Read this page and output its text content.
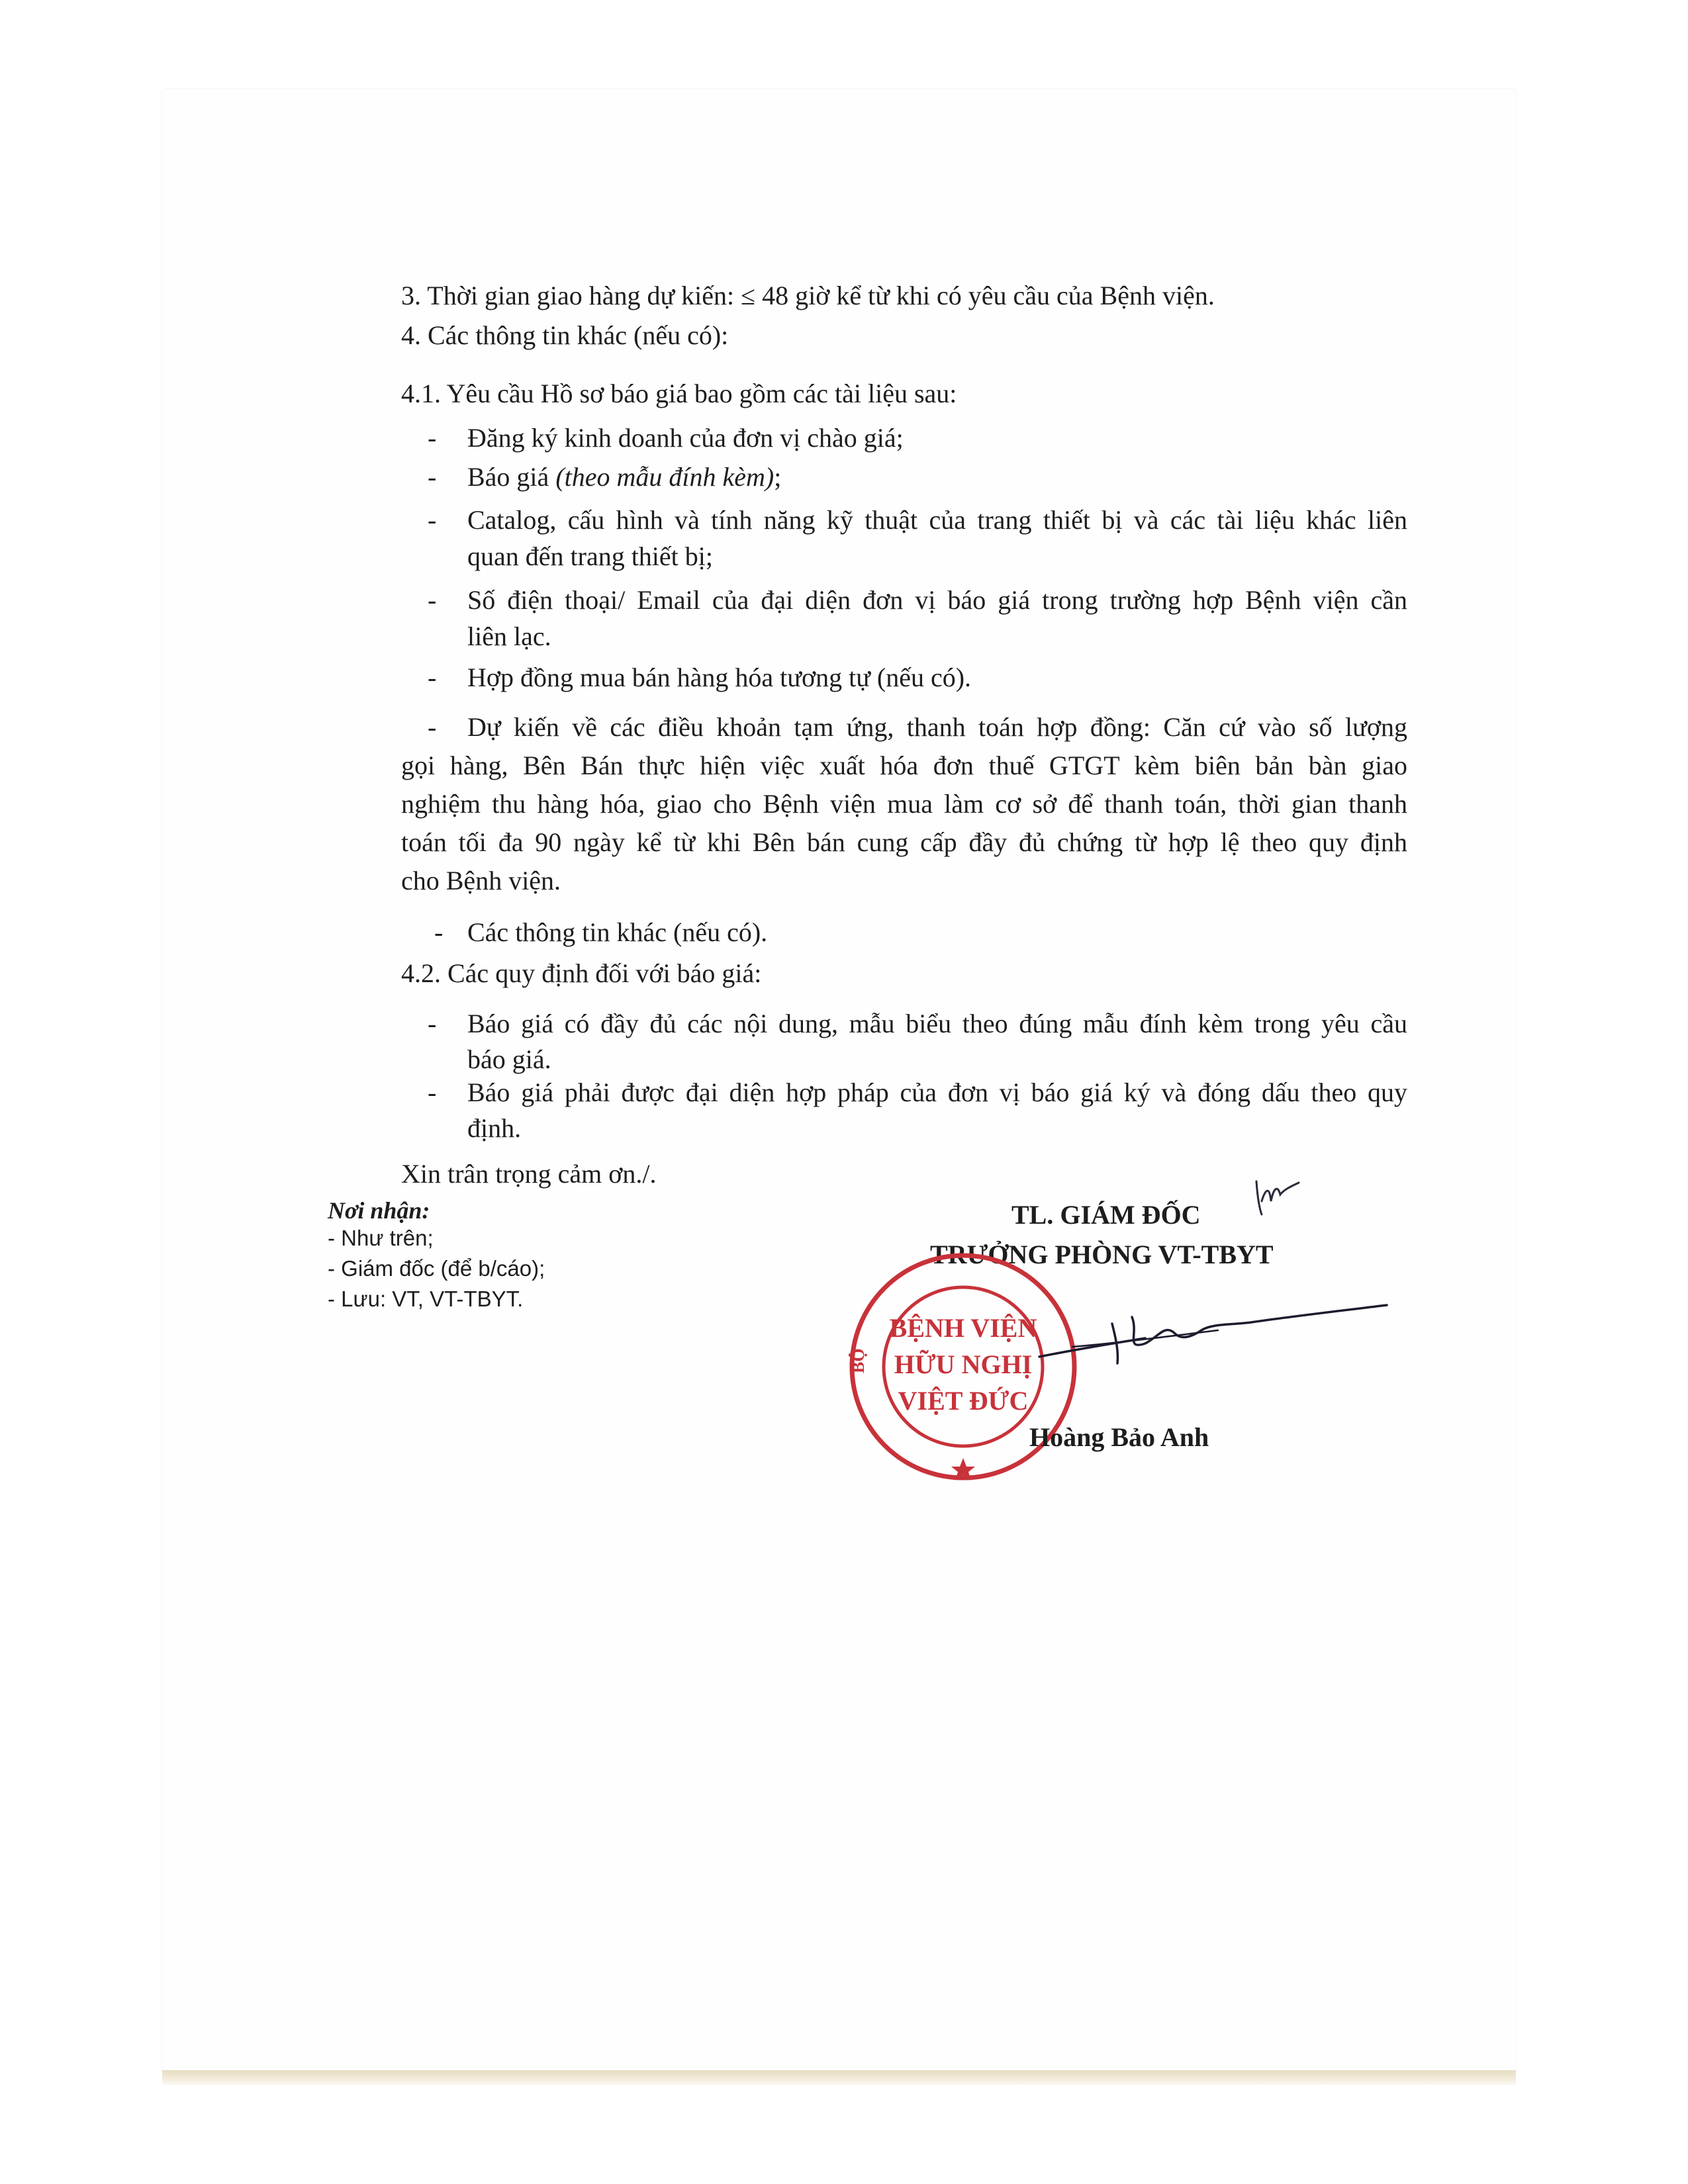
3. Thời gian giao hàng dự kiến: ≤ 48 giờ kể từ khi có yêu cầu của Bệnh viện.
4. Các thông tin khác (nếu có):
4.1. Yêu cầu Hồ sơ báo giá bao gồm các tài liệu sau:
- Đăng ký kinh doanh của đơn vị chào giá;
- Báo giá (theo mẫu đính kèm);
- Catalog, cấu hình và tính năng kỹ thuật của trang thiết bị và các tài liệu khác liên
quan đến trang thiết bị;
- Số điện thoại/ Email của đại diện đơn vị báo giá trong trường hợp Bệnh viện cần
liên lạc.
- Hợp đồng mua bán hàng hóa tương tự (nếu có).
- Dự kiến về các điều khoản tạm ứng, thanh toán hợp đồng: Căn cứ vào số lượng
gọi hàng, Bên Bán thực hiện việc xuất hóa đơn thuế GTGT kèm biên bản bàn giao
nghiệm thu hàng hóa, giao cho Bệnh viện mua làm cơ sở để thanh toán, thời gian thanh
toán tối đa 90 ngày kể từ khi Bên bán cung cấp đầy đủ chứng từ hợp lệ theo quy định
cho Bệnh viện.
- Các thông tin khác (nếu có).
4.2. Các quy định đối với báo giá:
- Báo giá có đầy đủ các nội dung, mẫu biểu theo đúng mẫu đính kèm trong yêu cầu
báo giá.
- Báo giá phải được đại diện hợp pháp của đơn vị báo giá ký và đóng dấu theo quy
định.
Xin trân trọng cảm ơn./.
Nơi nhận:
- Như trên;
- Giám đốc (để b/cáo);
- Lưu: VT, VT-TBYT.
TL. GIÁM ĐỐC
TRƯỞNG PHÒNG VT-TBYT
BỆNH VIỆN
HỮU NGHỊ
VIỆT ĐỨC
BỘ
Hoàng Bảo Anh
